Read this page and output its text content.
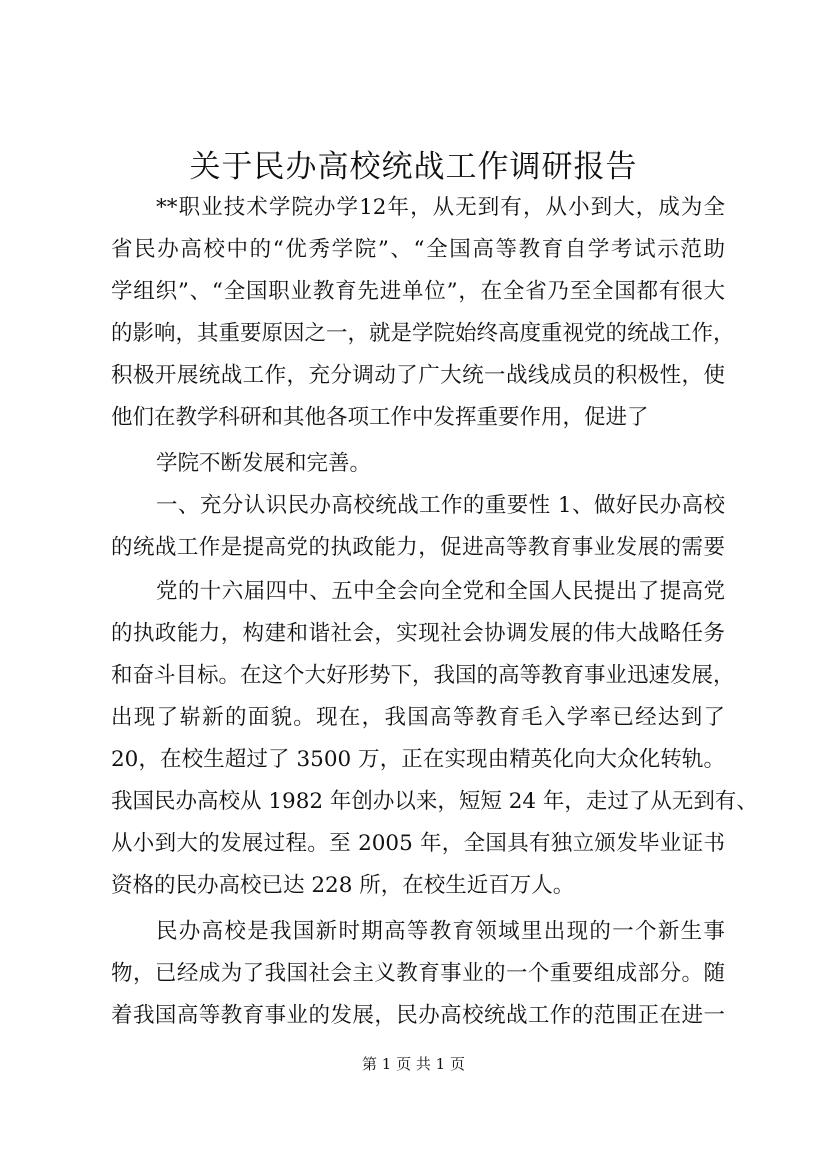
关于民办高校统战工作调研报告
**职业技术学院办学12年，从无到有，从小到大，成为全
省民办高校中的“优秀学院”、“全国高等教育自学考试示范助
学组织”、“全国职业教育先进单位”，在全省乃至全国都有很大
的影响，其重要原因之一，就是学院始终高度重视党的统战工作，
积极开展统战工作，充分调动了广大统一战线成员的积极性，使
他们在教学科研和其他各项工作中发挥重要作用，促进了
学院不断发展和完善。
一、充分认识民办高校统战工作的重要性 1、做好民办高校
的统战工作是提高党的执政能力，促进高等教育事业发展的需要
党的十六届四中、五中全会向全党和全国人民提出了提高党
的执政能力，构建和谐社会，实现社会协调发展的伟大战略任务
和奋斗目标。在这个大好形势下，我国的高等教育事业迅速发展，
出现了崭新的面貌。现在，我国高等教育毛入学率已经达到了
20，在校生超过了 3500 万，正在实现由精英化向大众化转轨。
我国民办高校从 1982 年创办以来，短短 24 年，走过了从无到有、
从小到大的发展过程。至 2005 年，全国具有独立颁发毕业证书
资格的民办高校已达 228 所，在校生近百万人。
民办高校是我国新时期高等教育领域里出现的一个新生事
物，已经成为了我国社会主义教育事业的一个重要组成部分。随
着我国高等教育事业的发展，民办高校统战工作的范围正在进一
第 1 页 共 1 页
